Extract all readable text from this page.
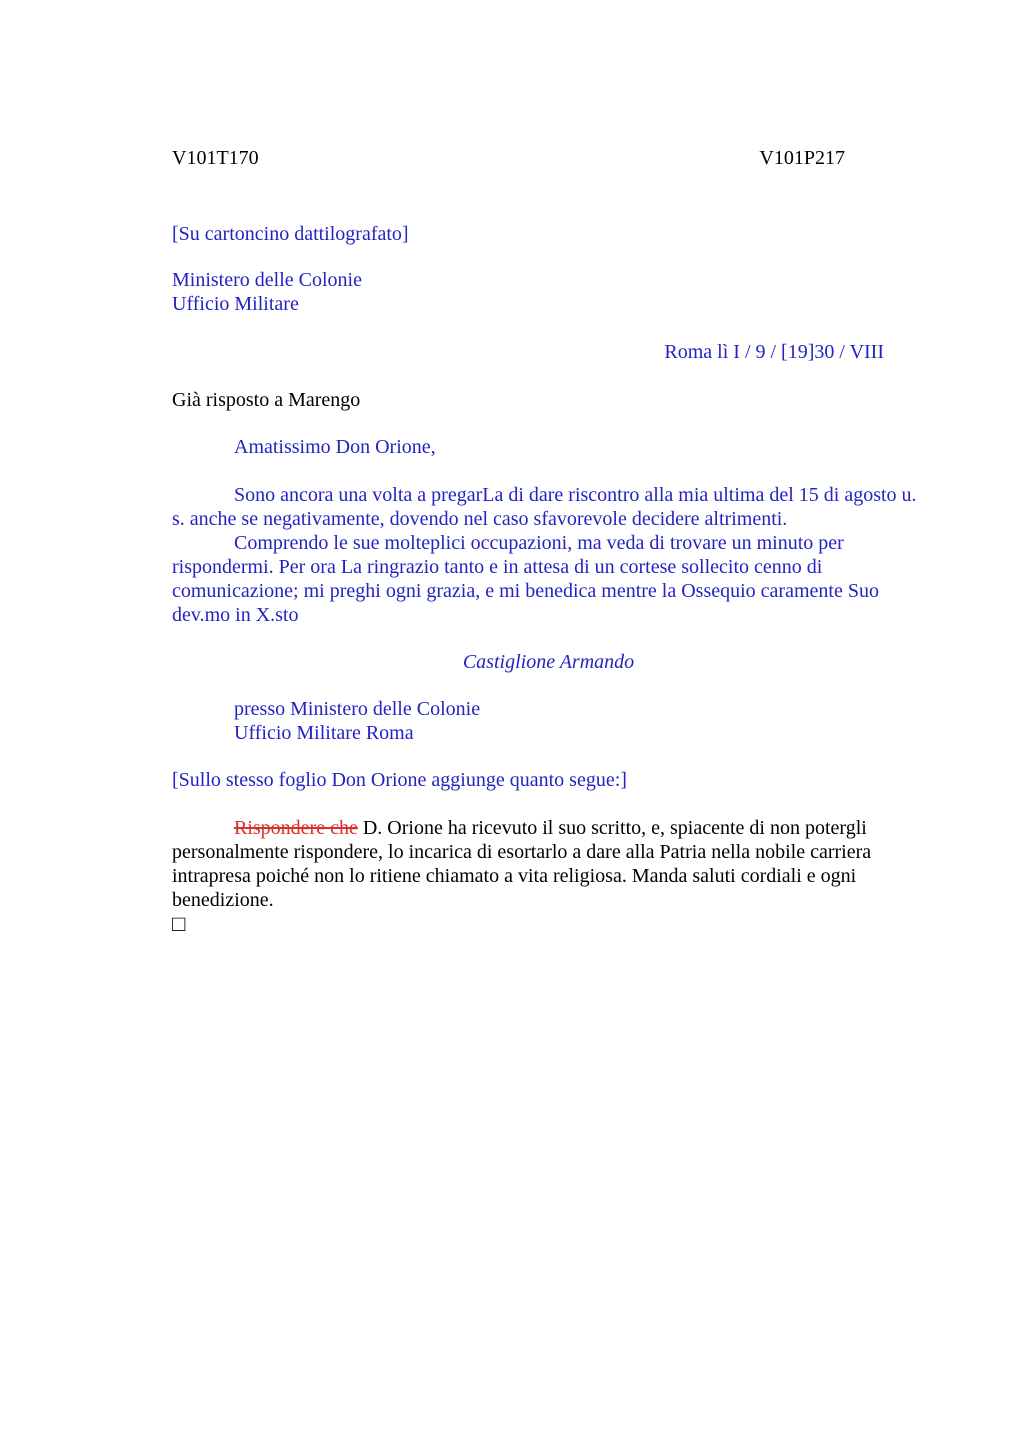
V101T170	V101P217

[Su cartoncino dattilografato]

Ministero delle Colonie

Ufficio Militare

Roma lì I / 9 / [19]30 / VIII

Già risposto a Marengo

Amatissimo Don Orione,

Sono ancora una volta a pregarLa di dare riscontro alla mia ultima del 15 di agosto u. s. anche se negativamente, dovendo nel caso sfavorevole decidere altrimenti.

Comprendo le sue molteplici occupazioni, ma veda di trovare un minuto per rispondermi. Per ora La ringrazio tanto e in attesa di un cortese sollecito cenno di comunicazione; mi preghi ogni grazia, e mi benedica mentre la Ossequio caramente Suo dev.mo in X.sto

Castiglione Armando

presso Ministero delle Colonie

Ufficio Militare Roma

[Sullo stesso foglio Don Orione aggiunge quanto segue:]

Rispondere che D. Orione ha ricevuto il suo scritto, e, spiacente di non potergli personalmente rispondere, lo incarica di esortarlo a dare alla Patria nella nobile carriera intrapresa poiché non lo ritiene chiamato a vita religiosa. Manda saluti cordiali e ogni benedizione.

□
